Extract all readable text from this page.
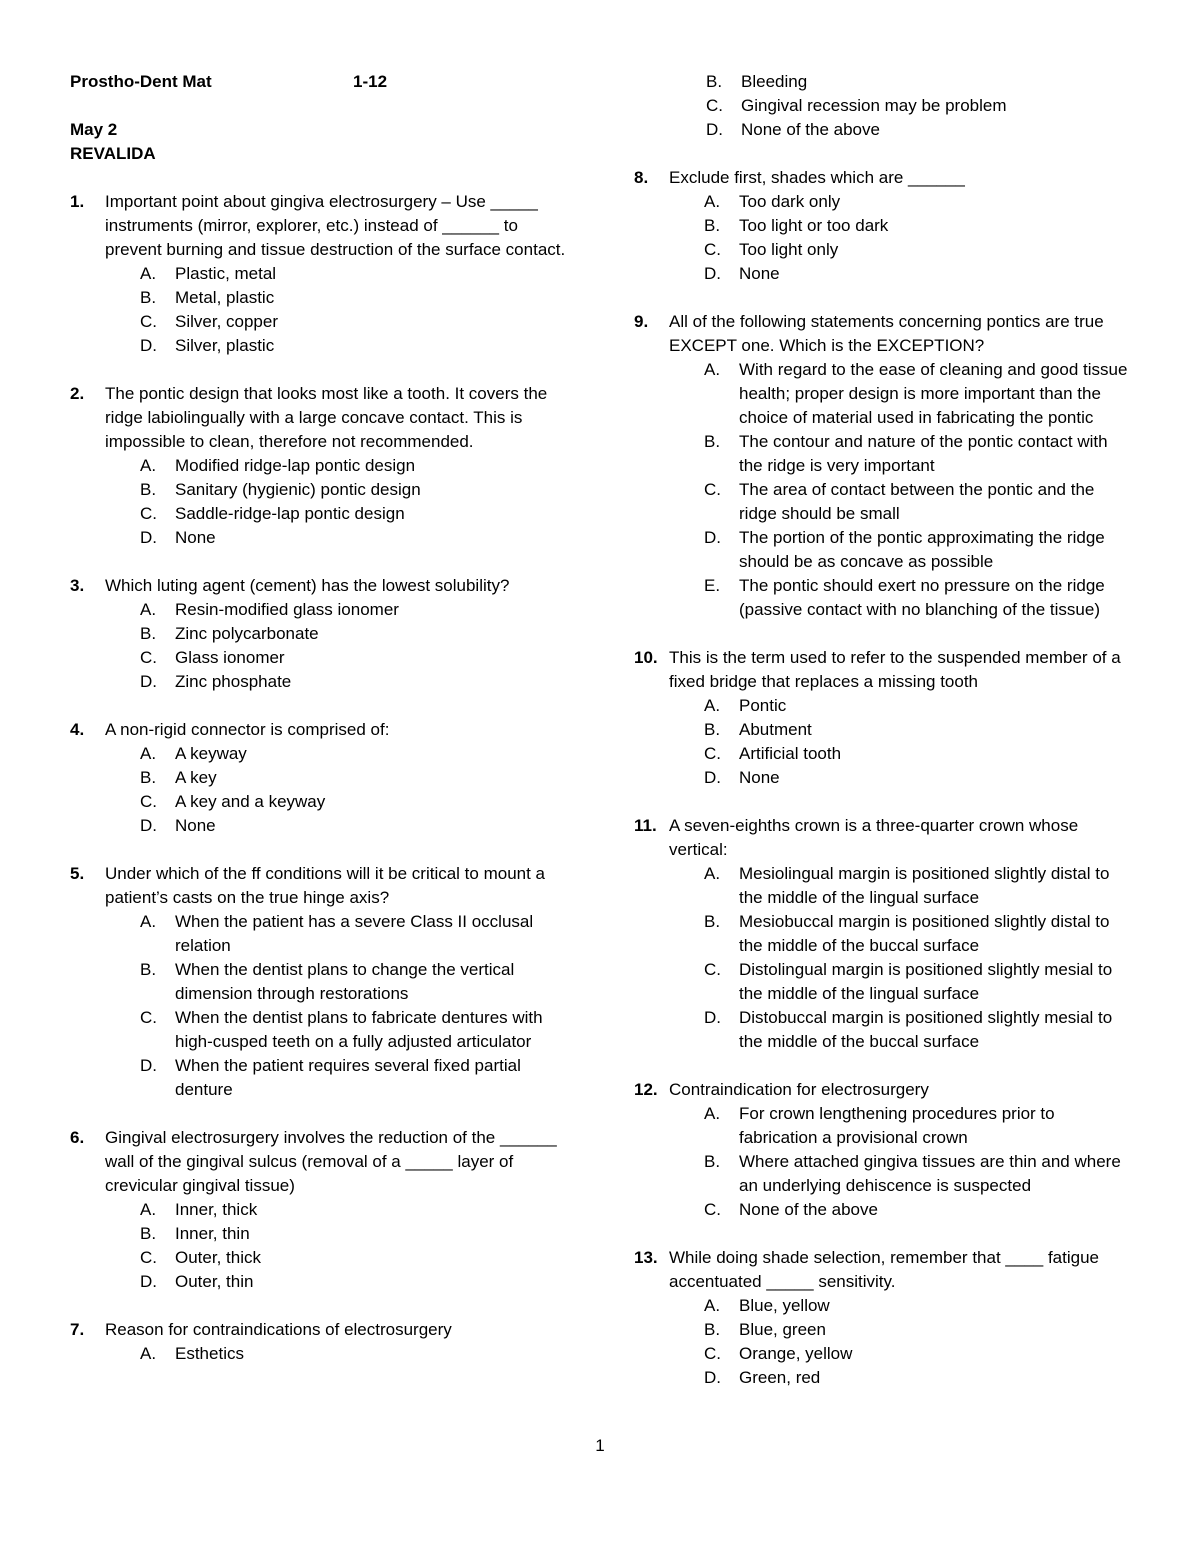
Prostho-Dent Mat	1-12
May 2
REVALIDA
1.	Important point about gingiva electrosurgery – Use _____ instruments (mirror, explorer, etc.) instead of ______ to prevent burning and tissue destruction of the surface contact.
A.	Plastic, metal
B.	Metal, plastic
C.	Silver, copper
D.	Silver, plastic
2.	The pontic design that looks most like a tooth. It covers the ridge labiolingually with a large concave contact. This is impossible to clean, therefore not recommended.
A.	Modified ridge-lap pontic design
B.	Sanitary (hygienic) pontic design
C.	Saddle-ridge-lap pontic design
D.	None
3.	Which luting agent (cement) has the lowest solubility?
A.	Resin-modified glass ionomer
B.	Zinc polycarbonate
C.	Glass ionomer
D.	Zinc phosphate
4.	A non-rigid connector is comprised of:
A.	A keyway
B.	A key
C.	A key and a keyway
D.	None
5.	Under which of the ff conditions will it be critical to mount a patient’s casts on the true hinge axis?
A.	When the patient has a severe Class II occlusal relation
B.	When the dentist plans to change the vertical dimension through restorations
C.	When the dentist plans to fabricate dentures with high-cusped teeth on a fully adjusted articulator
D.	When the patient requires several fixed partial denture
6.	Gingival electrosurgery involves the reduction of the ______ wall of the gingival sulcus (removal of a _____ layer of crevicular gingival tissue)
A.	Inner, thick
B.	Inner, thin
C.	Outer, thick
D.	Outer, thin
7.	Reason for contraindications of electrosurgery
A.	Esthetics
B.	Bleeding
C.	Gingival recession may be problem
D.	None of the above
8.	Exclude first, shades which are ______
A.	Too dark only
B.	Too light or too dark
C.	Too light only
D.	None
9.	All of the following statements concerning pontics are true EXCEPT one. Which is the EXCEPTION?
A.	With regard to the ease of cleaning and good tissue health; proper design is more important than the choice of material used in fabricating the pontic
B.	The contour and nature of the pontic contact with the ridge is very important
C.	The area of contact between the pontic and the ridge should be small
D.	The portion of the pontic approximating the ridge should be as concave as possible
E.	The pontic should exert no pressure on the ridge (passive contact with no blanching of the tissue)
10. This is the term used to refer to the suspended member of a fixed bridge that replaces a missing tooth
A.	Pontic
B.	Abutment
C.	Artificial tooth
D.	None
11. A seven-eighths crown is a three-quarter crown whose vertical:
A.	Mesiolingual margin is positioned slightly distal to the middle of the lingual surface
B.	Mesiobuccal margin is positioned slightly distal to the middle of the buccal surface
C.	Distolingual margin is positioned slightly mesial to the middle of the lingual surface
D.	Distobuccal margin is positioned slightly mesial to the middle of the buccal surface
12. Contraindication for electrosurgery
A.	For crown lengthening procedures prior to fabrication a provisional crown
B.	Where attached gingiva tissues are thin and where an underlying dehiscence is suspected
C.	None of the above
13. While doing shade selection, remember that ____ fatigue accentuated _____ sensitivity.
A.	Blue, yellow
B.	Blue, green
C.	Orange, yellow
D.	Green, red
1
